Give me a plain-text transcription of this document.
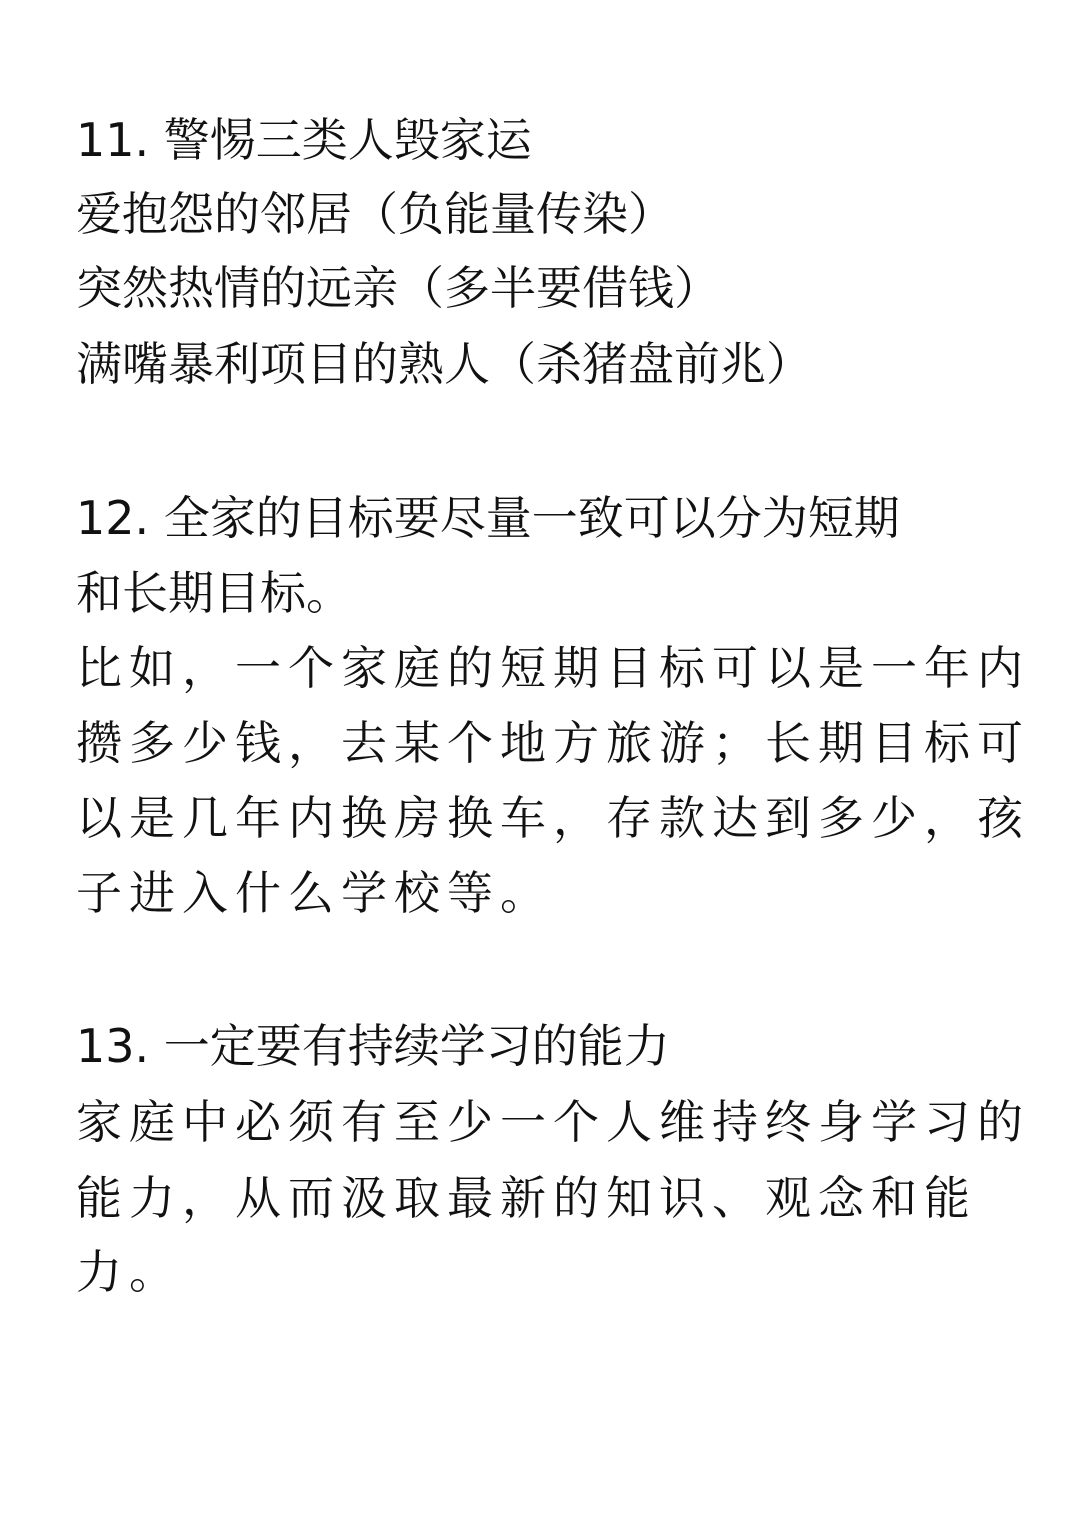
11. 警惕三类人毁家运
爱抱怨的邻居（负能量传染）
突然热情的远亲（多半要借钱）
满嘴暴利项目的熟人（杀猪盘前兆）
12. 全家的目标要尽量一致可以分为短期
和长期目标。
比如，一个家庭的短期目标可以是一年内
攒多少钱，去某个地方旅游；长期目标可
以是几年内换房换车，存款达到多少，孩
子进入什么学校等。
13. 一定要有持续学习的能力
家庭中必须有至少一个人维持终身学习的
能力，从而汲取最新的知识、观念和能
力。
